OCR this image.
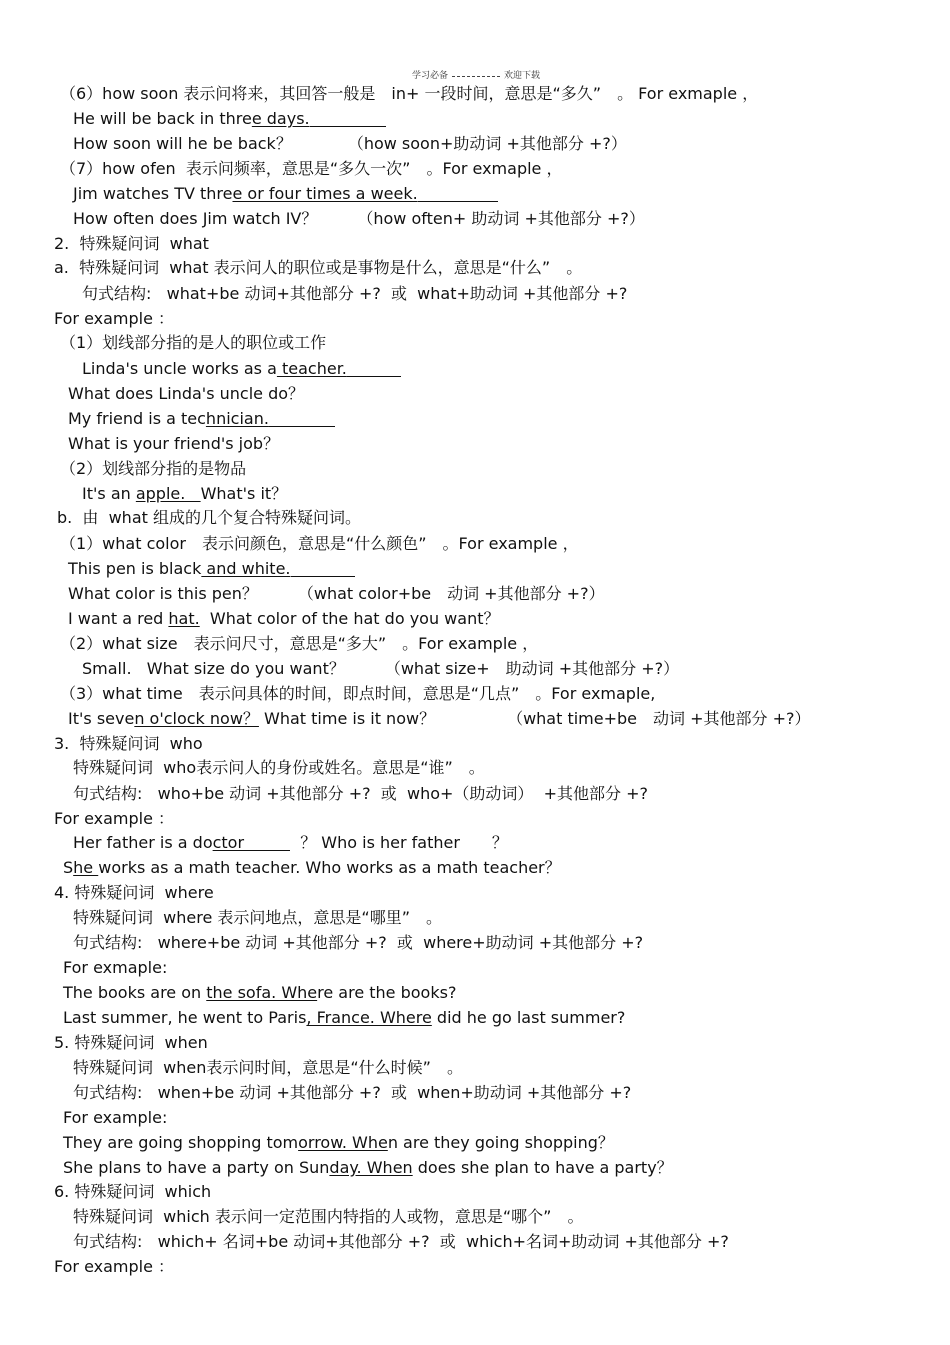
学习必备	欢迎下载
（6）how soon 表示问将来，其回答一般是　in+ 一段时间，意思是“多久”　。 For exmaple ，
He will be back in three days.
How soon will he be back？　　　　（how soon+助动词 +其他部分 +?）
（7）how ofen  表示问频率，意思是“多久一次”　。For exmaple ，
Jim watches TV three or four times a week.
How often does Jim watch IV？　　　（how often+ 助动词 +其他部分 +?）
2.  特殊疑问词  what
a.  特殊疑问词  what 表示问人的职位或是事物是什么，意思是“什么”　。
句式结构:   what+be 动词+其他部分 +?  或  what+助动词 +其他部分 +?
For example ：
（1）划线部分指的是人的职位或工作
Linda's uncle works as a teacher.
What does Linda's uncle do？
My friend is a technician.
What is your friend's job？
（2）划线部分指的是物品
It's an apple.   What's it？
b.  由  what 组成的几个复合特殊疑问词。
（1）what color　表示问颜色，意思是“什么颜色”　。For example ，
This pen is black and white.
What color is this pen？　　　（what color+be　动词 +其他部分 +?）
I want a red hat.  What color of the hat do you want？
（2）what size　表示问尺寸，意思是“多大”　。For example ，
Small.   What size do you want？　　　（what size+　助动词 +其他部分 +?）
（3）what time　表示问具体的时间，即点时间，意思是“几点”　。For exmaple,
It's seven o'clock now？ What time is it now？　　　　　（what time+be　动词 +其他部分 +?）
3.  特殊疑问词  who
特殊疑问词  who表示问人的身份或姓名。意思是“谁”　。
句式结构:   who+be 动词 +其他部分 +?  或  who+（助动词）  +其他部分 +?
For example ：
Her father is a doctor	？ Who is her father　　？
She works as a math teacher. Who works as a math teacher？
4. 特殊疑问词  where
特殊疑问词  where 表示问地点，意思是“哪里”　。
句式结构:   where+be 动词 +其他部分 +?  或  where+助动词 +其他部分 +?
For exmaple:
The books are on the sofa. Where are the books?
Last summer, he went to Paris, France. Where did he go last summer?
5. 特殊疑问词  when
特殊疑问词  when表示问时间，意思是“什么时候”　。
句式结构:   when+be 动词 +其他部分 +?  或  when+助动词 +其他部分 +?
For example:
They are going shopping tomorrow. When are they going shopping？
She plans to have a party on Sunday. When does she plan to have a party？
6. 特殊疑问词  which
特殊疑问词  which 表示问一定范围内特指的人或物，意思是“哪个”　。
句式结构:   which+ 名词+be 动词+其他部分 +?  或  which+名词+助动词 +其他部分 +?
For example ：
